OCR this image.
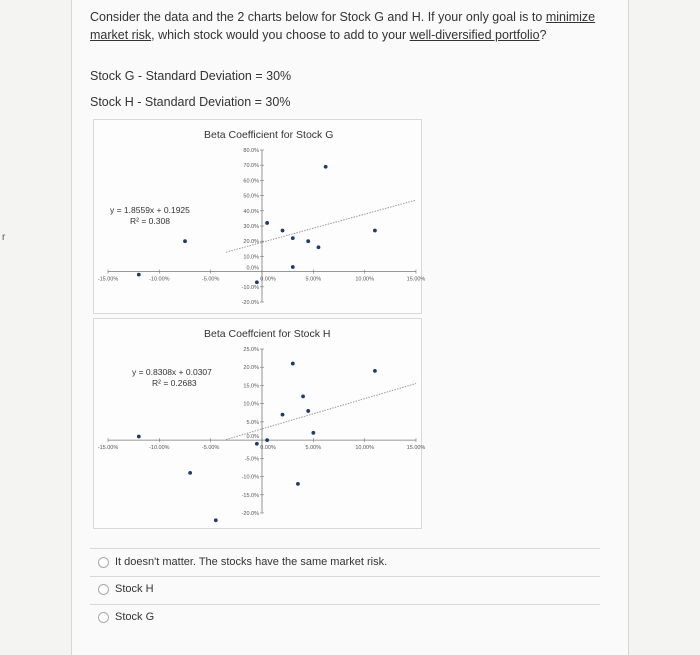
r
Consider the data and the 2 charts below for Stock G and H. If your only goal is to minimize market risk, which stock would you choose to add to your well-diversified portfolio?
Stock G - Standard Deviation = 30%
Stock H - Standard Deviation = 30%
Beta Coefficient for Stock G
-15.00%	-10.00%	-5.00%	0.00%	5.00%	10.00%	15.00%
80.0%
70.0%
60.0%
50.0%
40.0%
30.0%
20.0%
10.0%
0.0%
-10.0%
-20.0%
y = 1.8559x + 0.1925
R² = 0.308
Beta Coeffcient for Stock H
-15.00%	-10.00%	-5.00%	0.00%	5.00%	10.00%	15.00%
25.0%
20.0%
15.0%
10.0%
5.0%
0.0%
-5.0%
-10.0%
-15.0%
-20.0%
y = 0.8308x + 0.0307
R² = 0.2683
It doesn't matter. The stocks have the same market risk.
Stock H
Stock G
